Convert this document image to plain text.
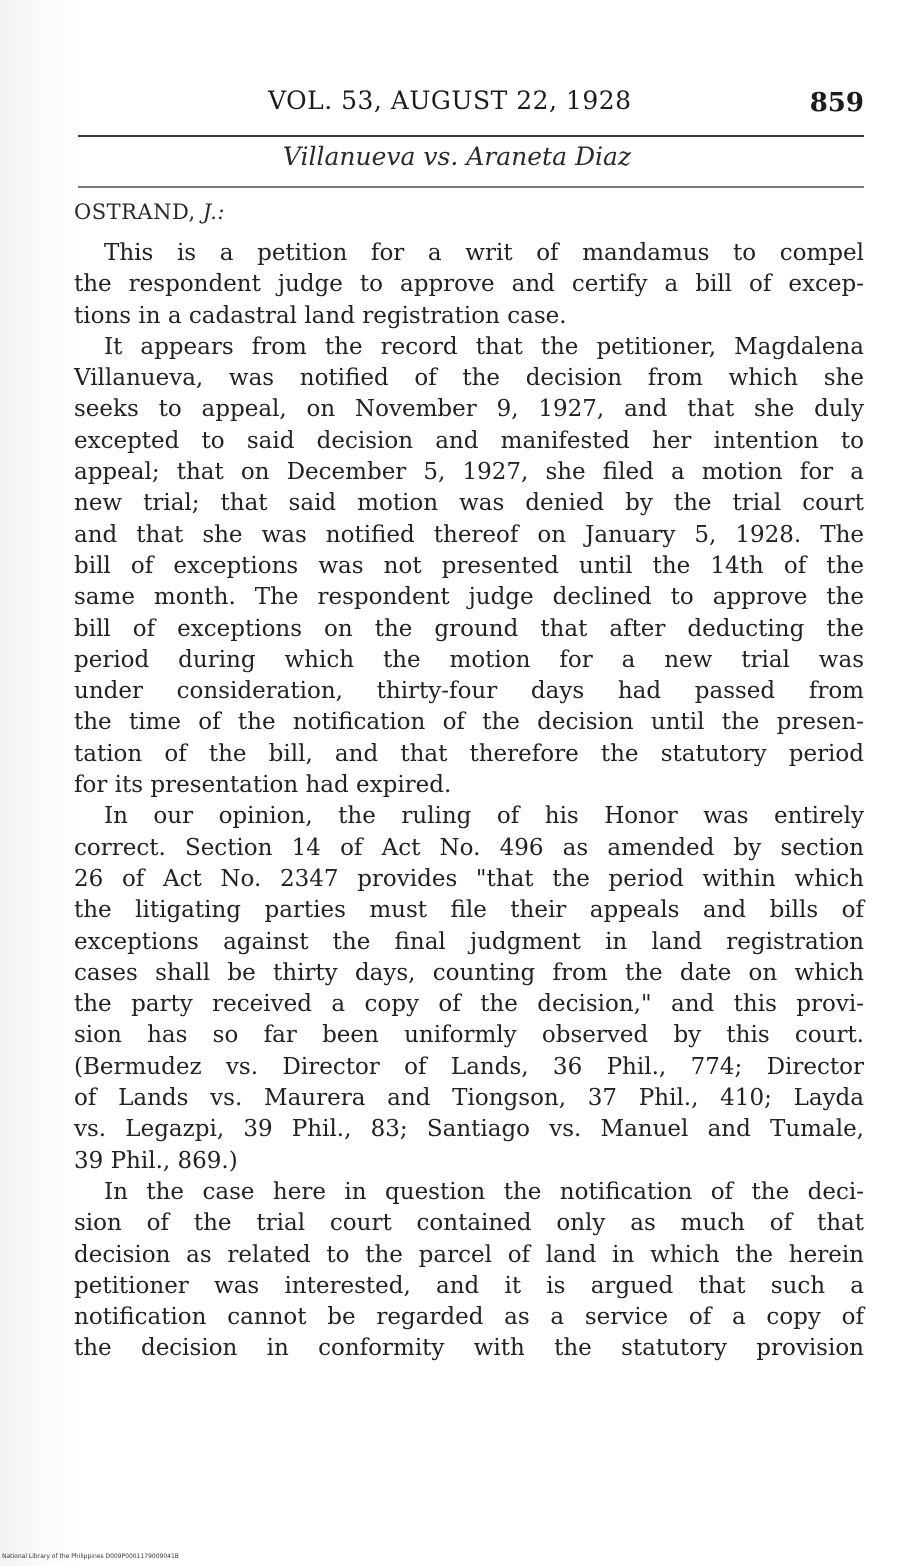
VOL. 53, AUGUST 22, 1928	859
Villanueva vs. Araneta Diaz
OSTRAND, J.:
This is a petition for a writ of mandamus to compel
the respondent judge to approve and certify a bill of excep-
tions in a cadastral land registration case.
It appears from the record that the petitioner, Magdalena
Villanueva, was notified of the decision from which she
seeks to appeal, on November 9, 1927, and that she duly
excepted to said decision and manifested her intention to
appeal; that on December 5, 1927, she filed a motion for a
new trial; that said motion was denied by the trial court
and that she was notified thereof on January 5, 1928. The
bill of exceptions was not presented until the 14th of the
same month. The respondent judge declined to approve the
bill of exceptions on the ground that after deducting the
period during which the motion for a new trial was
under consideration, thirty-four days had passed from
the time of the notification of the decision until the presen-
tation of the bill, and that therefore the statutory period
for its presentation had expired.
In our opinion, the ruling of his Honor was entirely
correct. Section 14 of Act No. 496 as amended by section
26 of Act No. 2347 provides "that the period within which
the litigating parties must file their appeals and bills of
exceptions against the final judgment in land registration
cases shall be thirty days, counting from the date on which
the party received a copy of the decision," and this provi-
sion has so far been uniformly observed by this court.
(Bermudez vs. Director of Lands, 36 Phil., 774; Director
of Lands vs. Maurera and Tiongson, 37 Phil., 410; Layda
vs. Legazpi, 39 Phil., 83; Santiago vs. Manuel and Tumale,
39 Phil., 869.)
In the case here in question the notification of the deci-
sion of the trial court contained only as much of that
decision as related to the parcel of land in which the herein
petitioner was interested, and it is argued that such a
notification cannot be regarded as a service of a copy of
the decision in conformity with the statutory provision
National Library of the Philippines D009P0001179009041B
